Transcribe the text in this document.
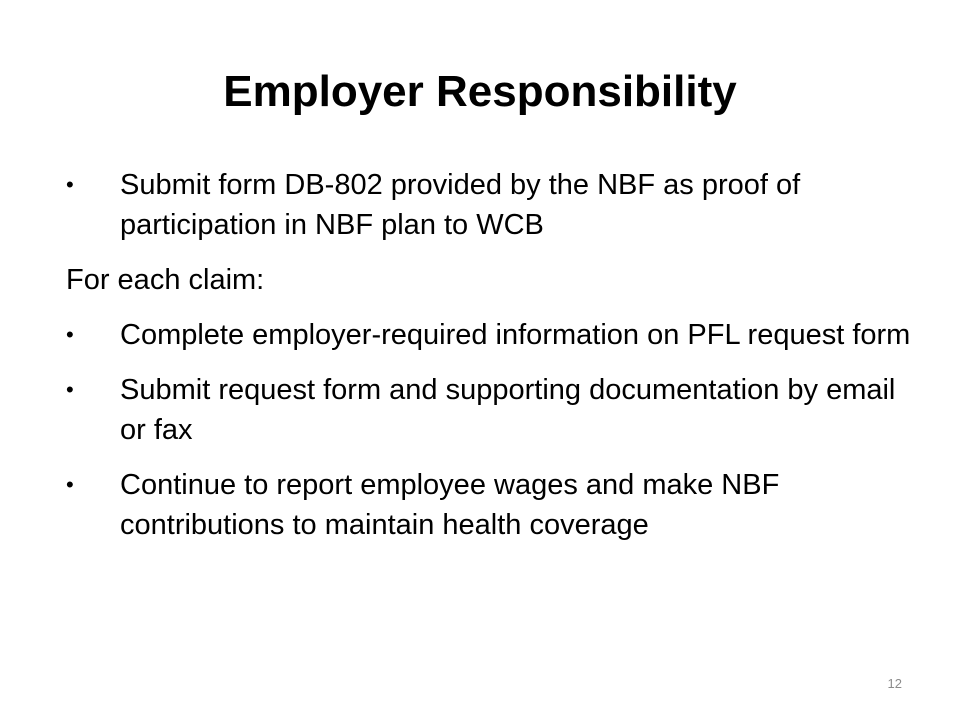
Employer Responsibility
•	Submit form DB-802 provided by the NBF as proof of participation in NBF plan to WCB
For each claim:
•	Complete employer-required information on PFL request form
•	Submit request form and supporting documentation by email or fax
•	Continue to report employee wages and make NBF contributions to maintain health coverage
12
